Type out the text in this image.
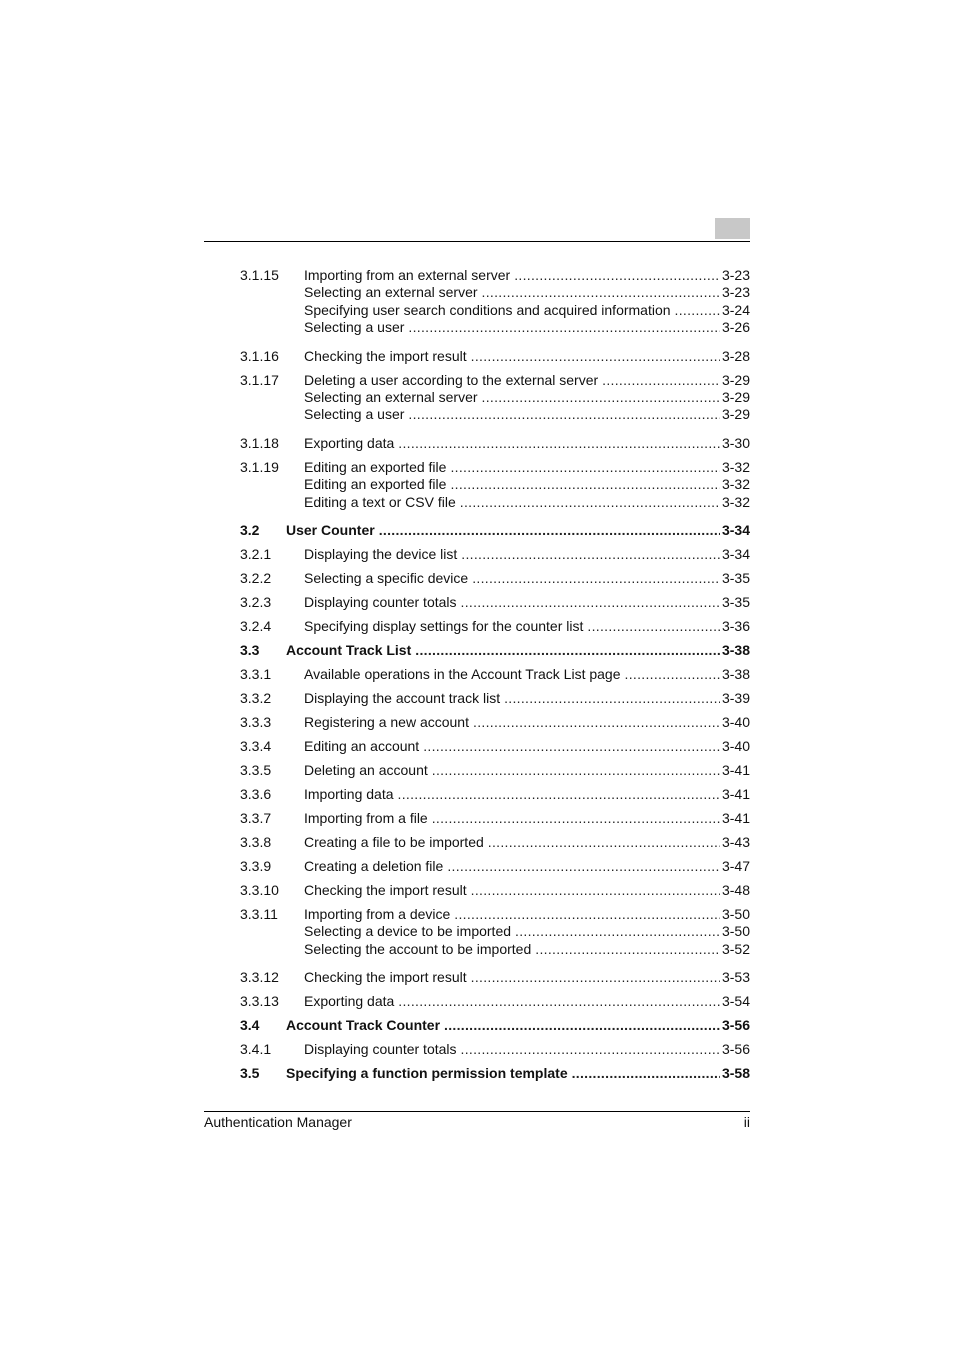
3.1.15 Importing from an external server .....	3-23
Selecting an external server .....	3-23
Specifying user search conditions and acquired information .....	3-24
Selecting a user .....	3-26
3.1.16 Checking the import result .....	3-28
3.1.17 Deleting a user according to the external server .....	3-29
Selecting an external server .....	3-29
Selecting a user .....	3-29
3.1.18 Exporting data .....	3-30
3.1.19 Editing an exported file .....	3-32
Editing an exported file .....	3-32
Editing a text or CSV file .....	3-32
3.2 User Counter .....	3-34
3.2.1 Displaying the device list .....	3-34
3.2.2 Selecting a specific device .....	3-35
3.2.3 Displaying counter totals .....	3-35
3.2.4 Specifying display settings for the counter list .....	3-36
3.3 Account Track List .....	3-38
3.3.1 Available operations in the Account Track List page .....	3-38
3.3.2 Displaying the account track list .....	3-39
3.3.3 Registering a new account .....	3-40
3.3.4 Editing an account .....	3-40
3.3.5 Deleting an account .....	3-41
3.3.6 Importing data .....	3-41
3.3.7 Importing from a file .....	3-41
3.3.8 Creating a file to be imported .....	3-43
3.3.9 Creating a deletion file .....	3-47
3.3.10 Checking the import result .....	3-48
3.3.11 Importing from a device .....	3-50
Selecting a device to be imported .....	3-50
Selecting the account to be imported .....	3-52
3.3.12 Checking the import result .....	3-53
3.3.13 Exporting data .....	3-54
3.4 Account Track Counter .....	3-56
3.4.1 Displaying counter totals .....	3-56
3.5 Specifying a function permission template .....	3-58
Authentication Manager	ii
